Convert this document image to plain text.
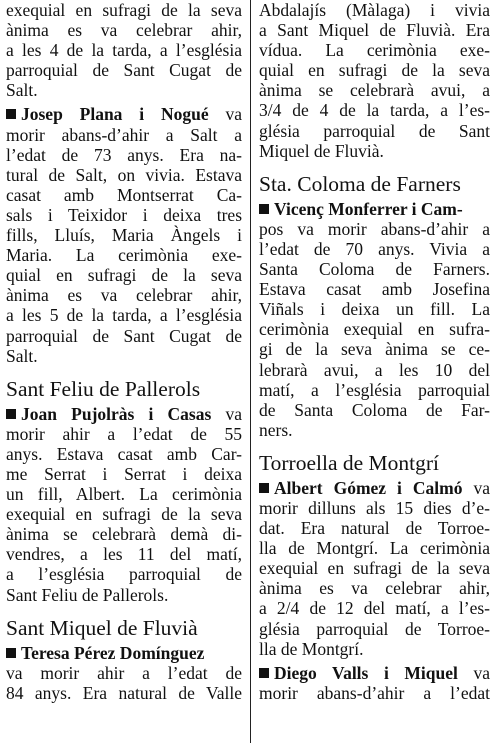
exequial en sufragi de la seva
ànima es va celebrar ahir,
a les 4 de la tarda, a l’església
parroquial de Sant Cugat de
Salt.
Josep Plana i Nogué va
morir abans-d’ahir a Salt a
l’edat de 73 anys. Era na-
tural de Salt, on vivia. Estava
casat amb Montserrat Ca-
sals i Teixidor i deixa tres
fills, Lluís, Maria Àngels i
Maria. La cerimònia exe-
quial en sufragi de la seva
ànima es va celebrar ahir,
a les 5 de la tarda, a l’església
parroquial de Sant Cugat de
Salt.
Sant Feliu de Pallerols
Joan Pujolràs i Casas va
morir ahir a l’edat de 55
anys. Estava casat amb Car-
me Serrat i Serrat i deixa
un fill, Albert. La cerimònia
exequial en sufragi de la seva
ànima se celebrarà demà di-
vendres, a les 11 del matí,
a l’església parroquial de
Sant Feliu de Pallerols.
Sant Miquel de Fluvià
Teresa Pérez Domínguez
va morir ahir a l’edat de
84 anys. Era natural de Valle
Abdalajís (Màlaga) i vivia
a Sant Miquel de Fluvià. Era
vídua. La cerimònia exe-
quial en sufragi de la seva
ànima se celebrarà avui, a
3/4 de 4 de la tarda, a l’es-
glésia parroquial de Sant
Miquel de Fluvià.
Sta. Coloma de Farners
Vicenç Monferrer i Cam-
pos va morir abans-d’ahir a
l’edat de 70 anys. Vivia a
Santa Coloma de Farners.
Estava casat amb Josefina
Viñals i deixa un fill. La
cerimònia exequial en sufra-
gi de la seva ànima se ce-
lebrarà avui, a les 10 del
matí, a l’església parroquial
de Santa Coloma de Far-
ners.
Torroella de Montgrí
Albert Gómez i Calmó va
morir dilluns als 15 dies d’e-
dat. Era natural de Torroe-
lla de Montgrí. La cerimònia
exequial en sufragi de la seva
ànima es va celebrar ahir,
a 2/4 de 12 del matí, a l’es-
glésia parroquial de Torroe-
lla de Montgrí.
Diego Valls i Miquel va
morir abans-d’ahir a l’edat
